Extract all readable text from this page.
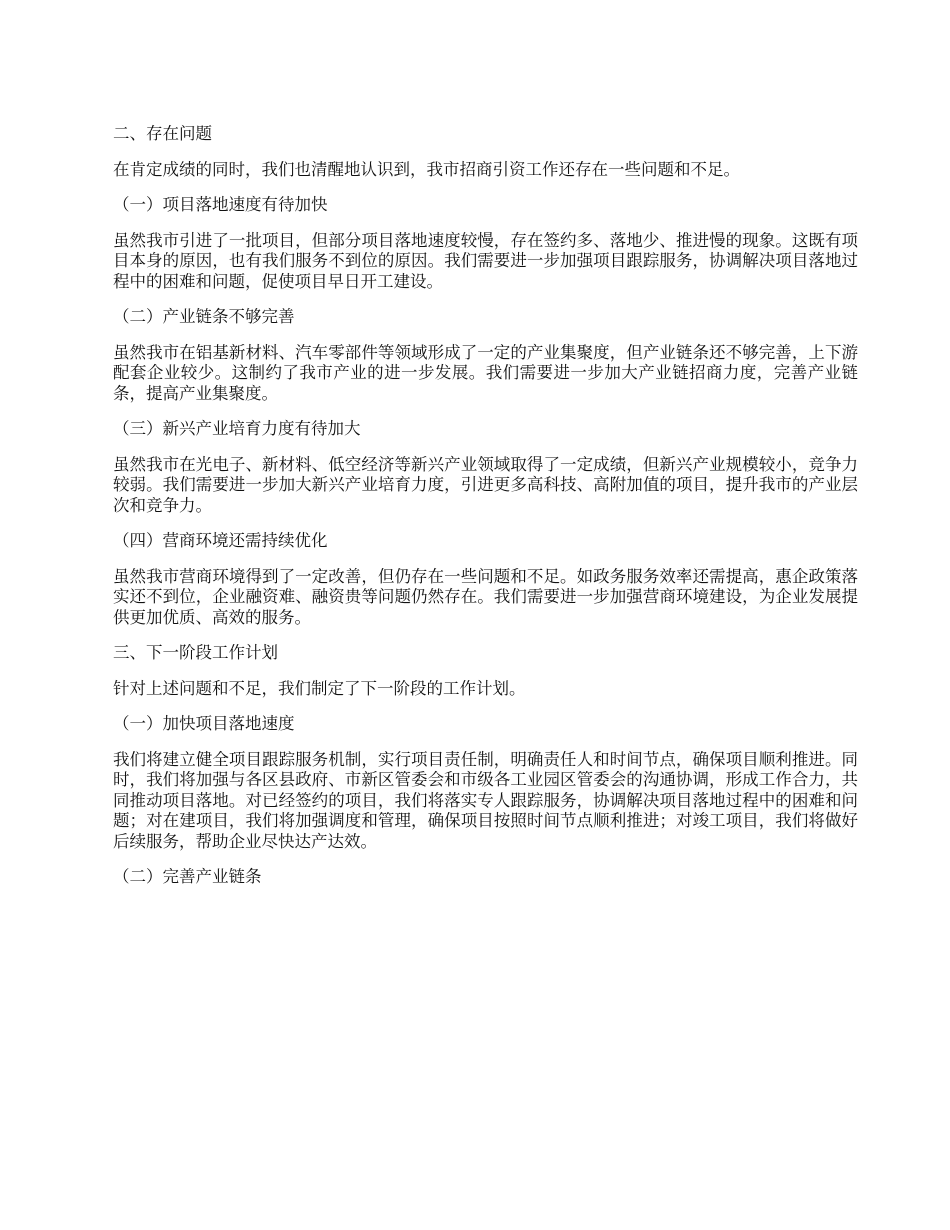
二、存在问题
在肯定成绩的同时，我们也清醒地认识到，我市招商引资工作还存在一些问题和不足。
（一）项目落地速度有待加快
虽然我市引进了一批项目，但部分项目落地速度较慢，存在签约多、落地少、推进慢的现象。这既有项目本身的原因，也有我们服务不到位的原因。我们需要进一步加强项目跟踪服务，协调解决项目落地过程中的困难和问题，促使项目早日开工建设。
（二）产业链条不够完善
虽然我市在铝基新材料、汽车零部件等领域形成了一定的产业集聚度，但产业链条还不够完善，上下游配套企业较少。这制约了我市产业的进一步发展。我们需要进一步加大产业链招商力度，完善产业链条，提高产业集聚度。
（三）新兴产业培育力度有待加大
虽然我市在光电子、新材料、低空经济等新兴产业领域取得了一定成绩，但新兴产业规模较小，竞争力较弱。我们需要进一步加大新兴产业培育力度，引进更多高科技、高附加值的项目，提升我市的产业层次和竞争力。
（四）营商环境还需持续优化
虽然我市营商环境得到了一定改善，但仍存在一些问题和不足。如政务服务效率还需提高，惠企政策落实还不到位，企业融资难、融资贵等问题仍然存在。我们需要进一步加强营商环境建设，为企业发展提供更加优质、高效的服务。
三、下一阶段工作计划
针对上述问题和不足，我们制定了下一阶段的工作计划。
（一）加快项目落地速度
我们将建立健全项目跟踪服务机制，实行项目责任制，明确责任人和时间节点，确保项目顺利推进。同时，我们将加强与各区县政府、市新区管委会和市级各工业园区管委会的沟通协调，形成工作合力，共同推动项目落地。对已经签约的项目，我们将落实专人跟踪服务，协调解决项目落地过程中的困难和问题；对在建项目，我们将加强调度和管理，确保项目按照时间节点顺利推进；对竣工项目，我们将做好后续服务，帮助企业尽快达产达效。
（二）完善产业链条
